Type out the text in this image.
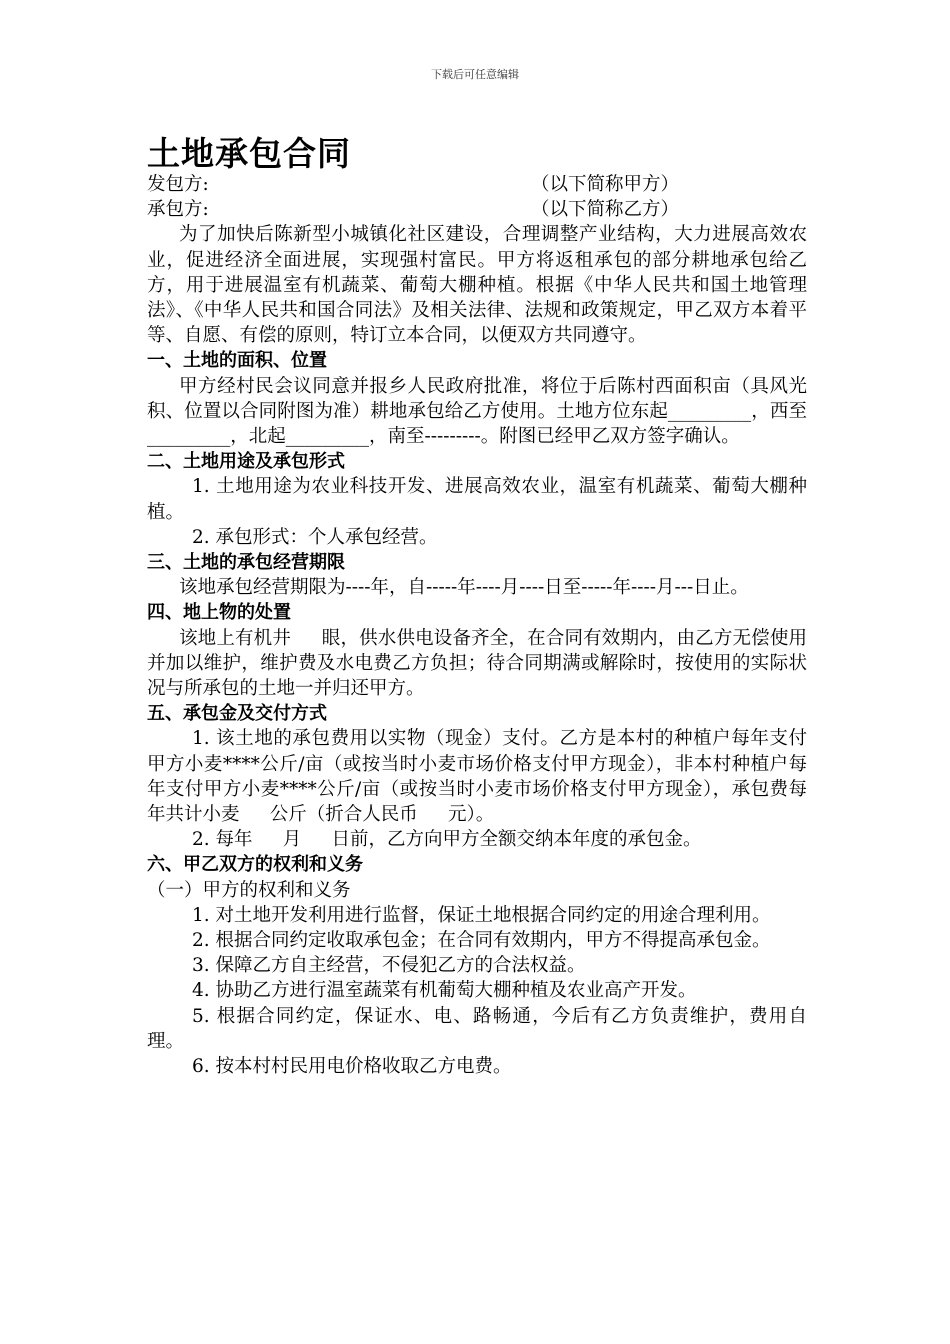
下载后可任意编辑
土地承包合同
发包方:	（以下简称甲方）
承包方:	（以下简称乙方）

为了加快后陈新型小城镇化社区建设，合理调整产业结构，大力进展高效农业，促进经济全面进展，实现强村富民。甲方将返租承包的部分耕地承包给乙方，用于进展温室有机蔬菜、葡萄大棚种植。根据《中华人民共和国土地管理法》、《中华人民共和国合同法》及相关法律、法规和政策规定，甲乙双方本着平等、自愿、有偿的原则，特订立本合同，以便双方共同遵守。

一、土地的面积、位置

甲方经村民会议同意并报乡人民政府批准，将位于后陈村西面积亩（具风光积、位置以合同附图为准）耕地承包给乙方使用。土地方位东起_________，西至_________，北起_________，南至---------。附图已经甲乙双方签字确认。

二、土地用途及承包形式

1. 土地用途为农业科技开发、进展高效农业，温室有机蔬菜、葡萄大棚种植。

2. 承包形式：个人承包经营。

三、土地的承包经营期限

该地承包经营期限为----年，自-----年----月----日至-----年----月---日止。

四、地上物的处置

该地上有机井 　 眼，供水供电设备齐全，在合同有效期内，由乙方无偿使用并加以维护，维护费及水电费乙方负担；待合同期满或解除时，按使用的实际状况与所承包的土地一并归还甲方。

五、承包金及交付方式

1. 该土地的承包费用以实物（现金）支付。乙方是本村的种植户每年支付甲方小麦****公斤/亩（或按当时小麦市场价格支付甲方现金），非本村种植户每年支付甲方小麦****公斤/亩（或按当时小麦市场价格支付甲方现金），承包费每年共计小麦 　 公斤（折合人民币 　 元）。

2. 每年 　 月 　 日前，乙方向甲方全额交纳本年度的承包金。

六、甲乙双方的权利和义务

（一）甲方的权利和义务

1. 对土地开发利用进行监督，保证土地根据合同约定的用途合理利用。

2. 根据合同约定收取承包金；在合同有效期内，甲方不得提高承包金。

3. 保障乙方自主经营，不侵犯乙方的合法权益。

4. 协助乙方进行温室蔬菜有机葡萄大棚种植及农业高产开发。

5. 根据合同约定，保证水、电、路畅通，今后有乙方负责维护，费用自理。

6. 按本村村民用电价格收取乙方电费。
